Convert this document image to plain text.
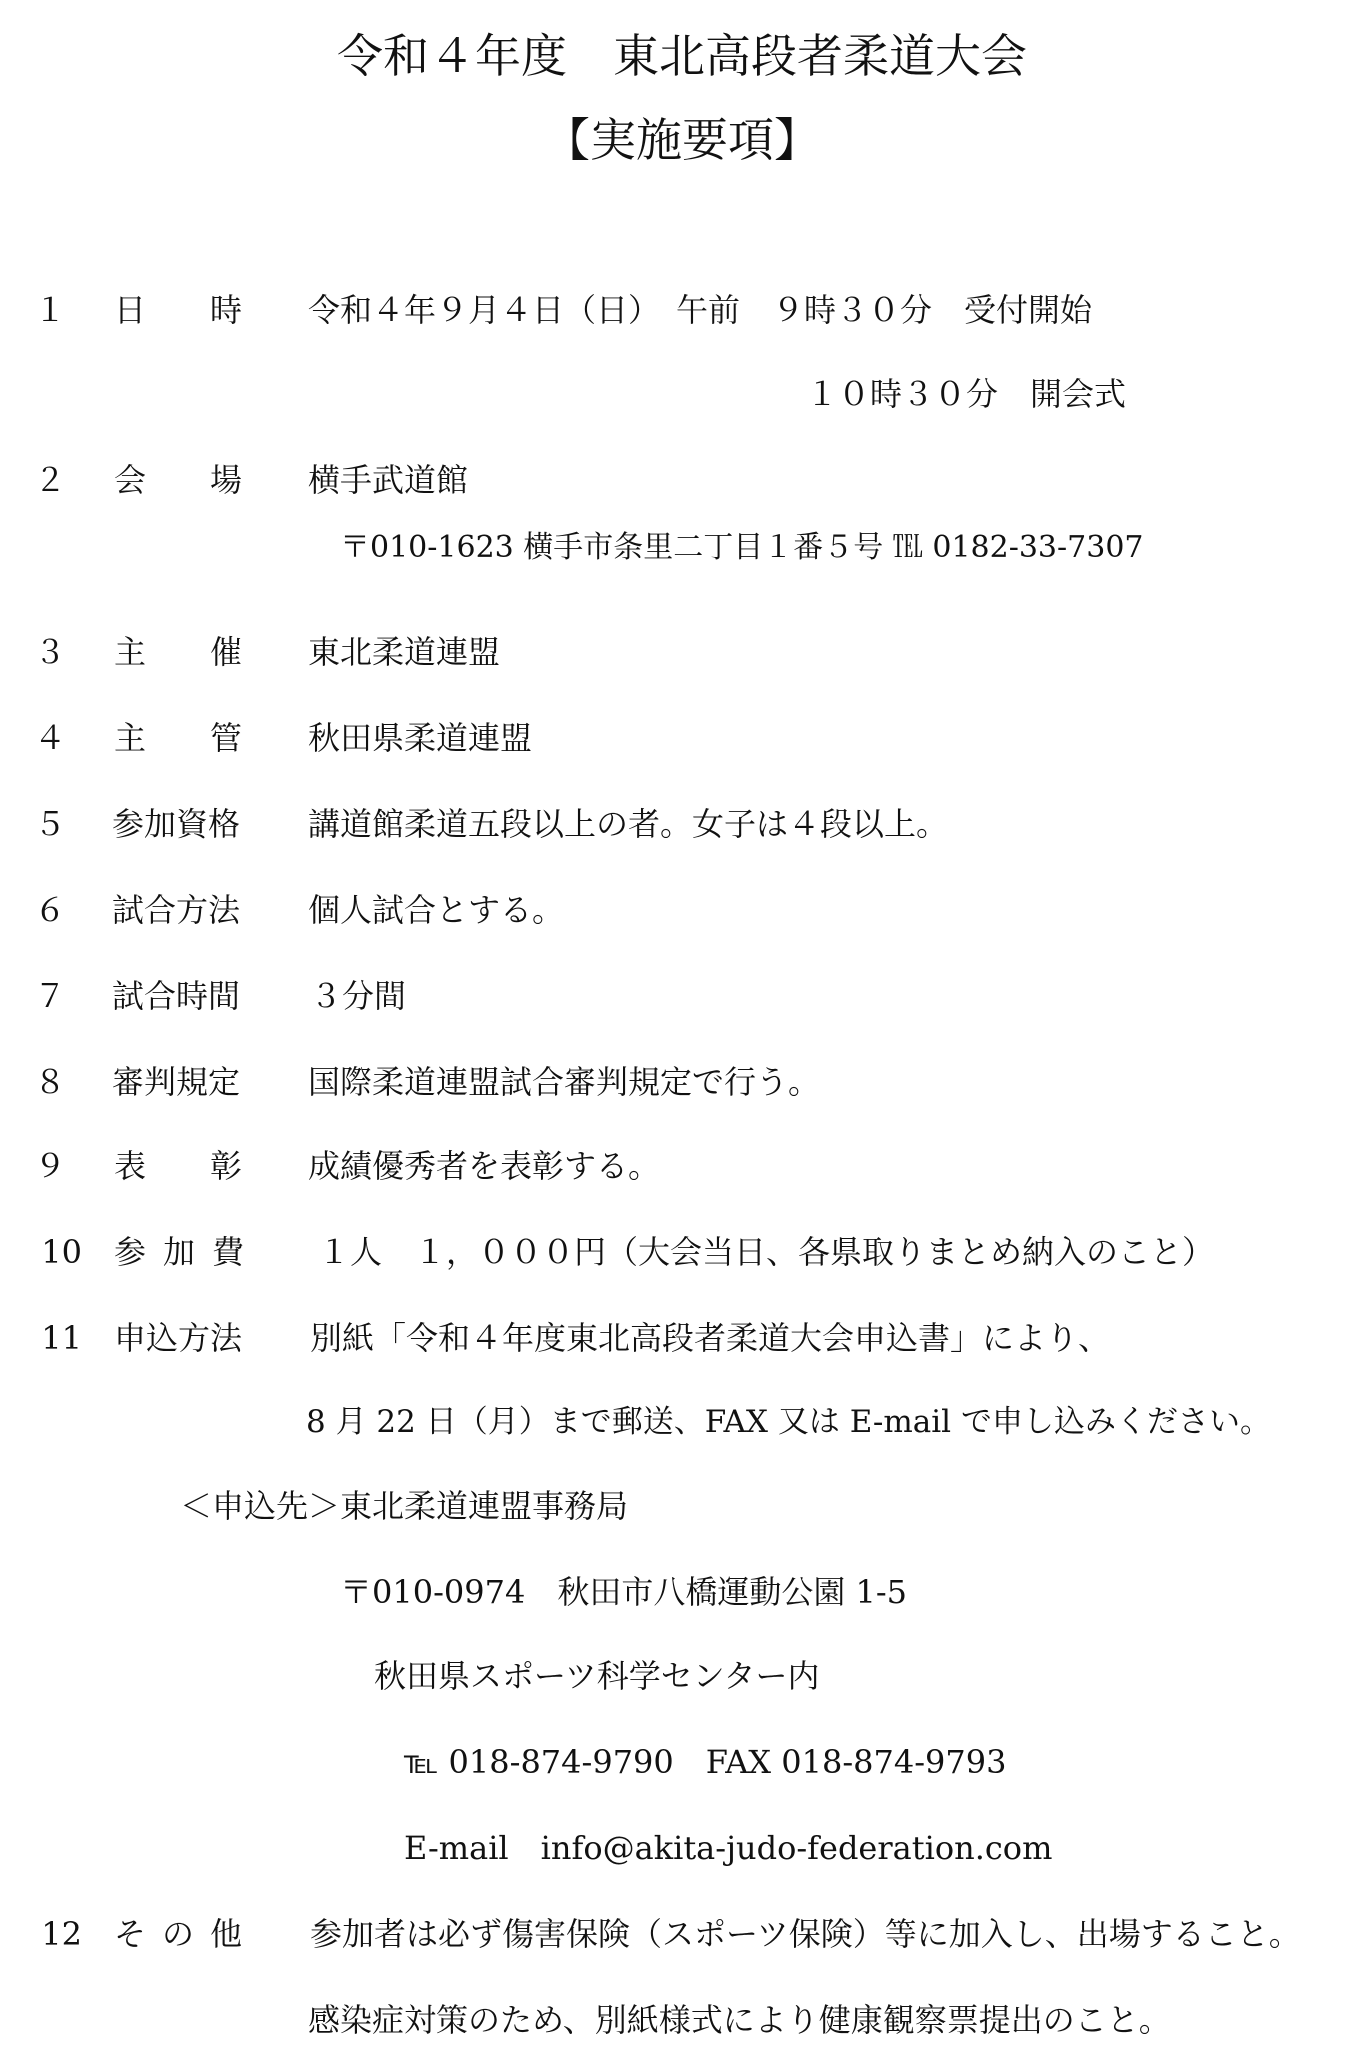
令和４年度　東北高段者柔道大会
【実施要項】
１ 日 時 令和４年９月４日（日）　午前　９時３０分　受付開始
１０時３０分　開会式
２ 会 場 横手武道館
〒010-1623 横手市条里二丁目１番５号 ℡ 0182-33-7307
３ 主 催 東北柔道連盟
４ 主 管 秋田県柔道連盟
５ 参加資格 講道館柔道五段以上の者。女子は４段以上。
６ 試合方法 個人試合とする。
７ 試合時間 ３分間
８ 審判規定 国際柔道連盟試合審判規定で行う。
９ 表 彰 成績優秀者を表彰する。
10 参 加 費 １人　１，０００円（大会当日、各県取りまとめ納入のこと）
11 申込方法 別紙「令和４年度東北高段者柔道大会申込書」により、
8 月 22 日（月）まで郵送、FAX 又は E-mail で申し込みください。
＜申込先＞東北柔道連盟事務局
〒010-0974　秋田市八橋運動公園 1-5
秋田県スポーツ科学センター内
℡ 018-874-9790　FAX 018-874-9793
E-mail　info@akita-judo-federation.com
12 そ の 他 参加者は必ず傷害保険（スポーツ保険）等に加入し、出場すること。
感染症対策のため、別紙様式により健康観察票提出のこと。
